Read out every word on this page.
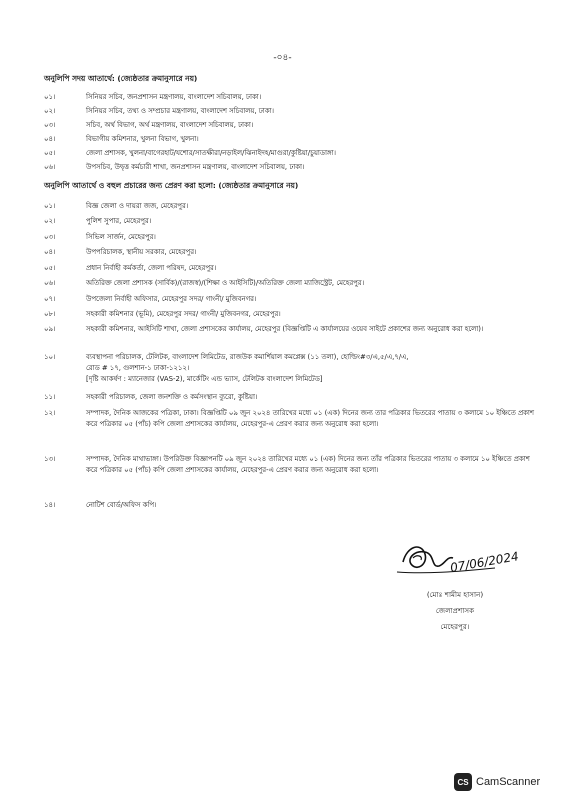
-০৪-
অনুলিপি সদয় আতার্থে: (জ্যেষ্ঠতার ক্রমানুসারে নয়)
০১।	সিনিয়র সচিব, জনপ্রশাসন মন্ত্রণালয়, বাংলাদেশ সচিবালয়, ঢাকা।
০২।	সিনিয়র সচিব, তথ্য ও সম্প্রচার মন্ত্রণালয়, বাংলাদেশ সচিবালয়, ঢাকা।
০৩।	সচিব, অর্থ বিভাগ, অর্থ মন্ত্রণালয়, বাংলাদেশ সচিবালয়, ঢাকা।
০৪।	বিভাগীয় কমিশনার, খুলনা বিভাগ, খুলনা।
০৫।	জেলা প্রশাসক, খুলনা/বাগেরহাট/যশোর/সাতক্ষীরা/নড়াইল/ঝিনাইদহ/মাগুরা/কুষ্টিয়া/চুয়াডাঙ্গা।
০৬।	উপসচিব, উদ্বৃত্ত কর্মচারী শাখা, জনপ্রশাসন মন্ত্রণালয়, বাংলাদেশ সচিবালয়, ঢাকা।
অনুলিপি আতার্থে ও বহুল প্রচারের জন্য প্রেরণ করা হলো: (জ্যেষ্ঠতার ক্রমানুসারে নয়)
০১।	বিজ্ঞ জেলা ও দায়রা জজ, মেহেরপুর।
০২।	পুলিশ সুপার, মেহেরপুর।
০৩।	সিভিল সার্জন, মেহেরপুর।
০৪।	উপপরিচালক, স্থানীয় সরকার, মেহেরপুর।
০৫।	প্রধান নির্বাহী কর্মকর্তা, জেলা পরিষদ, মেহেরপুর।
০৬।	অতিরিক্ত জেলা প্রশাসক (সার্বিক)/(রাজস্ব)/(শিক্ষা ও আইসিটি)/অতিরিক্ত জেলা ম্যাজিস্ট্রেট, মেহেরপুর।
০৭।	উপজেলা নির্বাহী অফিসার, মেহেরপুর সদর/ গাংনী/ মুজিবনগর।
০৮।	সহকারী কমিশনার (ভূমি), মেহেরপুর সদর/ গাংনী/ মুজিবনগর, মেহেরপুর।
০৯।	সহকারী কমিশনার, আইসিটি শাখা, জেলা প্রশাসকের কার্যালয়, মেহেরপুর (বিজ্ঞপ্তিটি এ কার্যালয়ের ওয়েব সাইটে প্রকাশের জন্য অনুরোধ করা হলো)।
১০।	ব্যবস্থাপনা পরিচালক, টেলিটক, বাংলাদেশ লিমিটেড, রাজউক কমার্শিয়াল কমপ্লেক্স (১১ তলা), হোল্ডিং#৩/এ,৫/এ,৭/এ,
রোড # ১৭, গুলশান-১ ঢাকা-১২১২।
[দৃষ্টি আকর্ষণ : ম্যানেজার (VAS-2), মার্কেটিং এন্ড ভ্যাস, টেলিটক বাংলাদেশ লিমিটেড]
১১।	সহকারী পরিচালক, জেলা জনশক্তি ও কর্মসংস্থান ব্যুরো, কুষ্টিয়া।
১২।	সম্পাদক, দৈনিক আজকের পত্রিকা, ঢাকা। বিজ্ঞপ্তিটি ০৯ জুন ২০২৪ তারিখের মধ্যে ০১ (এক) দিনের জন্য তার পত্রিকার ভিতরের পাতায় ৩ কলামে ১০ ইঞ্চিতে প্রকাশ করে পত্রিকার ০৫ (পাঁচ) কপি জেলা প্রশাসকের কার্যালয়, মেহেরপুর-এ প্রেরণ করার জন্য অনুরোধ করা হলো।
১৩।	সম্পাদক, দৈনিক মাথাভাঙ্গা। উপরিউক্ত বিজ্ঞাপনটি ০৯ জুন ২০২৪ তারিখের মধ্যে ০১ (এক) দিনের জন্য তাঁর পত্রিকার ভিতরের পাতায় ৩ কলামে ১০ ইঞ্চিতে প্রকাশ করে পত্রিকার ০৫ (পাঁচ) কপি জেলা প্রশাসকের কার্যালয়, মেহেরপুর-এ প্রেরণ করার জন্য অনুরোধ করা হলো।
১৪।	নোটিশ বোর্ড/অফিস কপি।
07/06/2024
(মোঃ শামীম হাসান)
জেলাপ্রশাসক
মেহেরপুর।
CS CamScanner
